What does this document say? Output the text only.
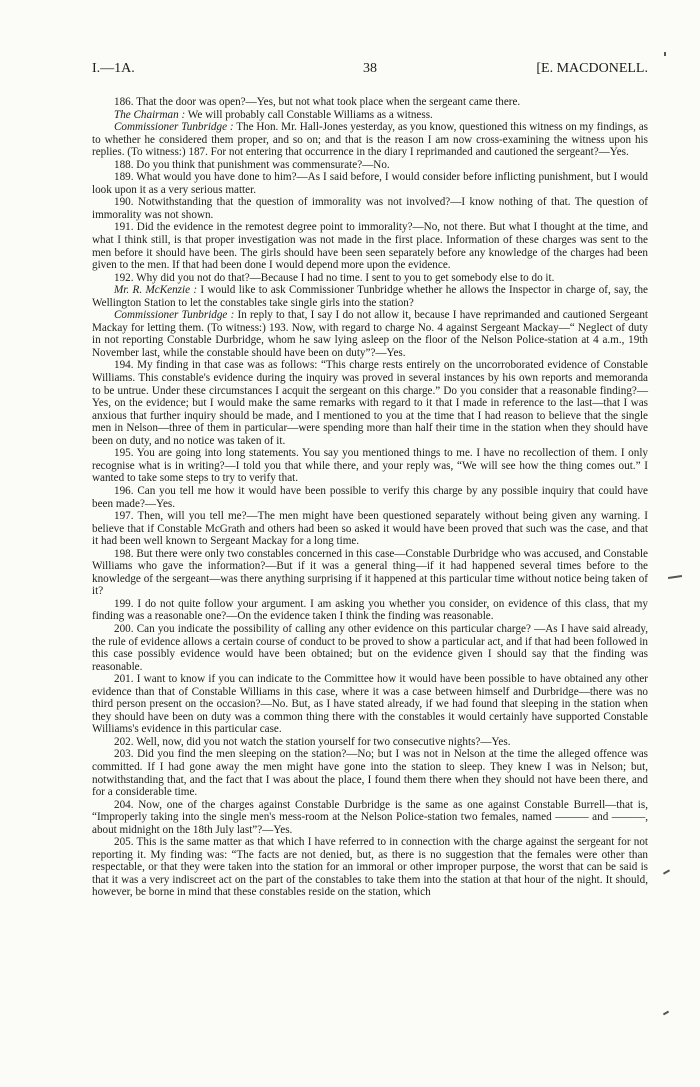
38
I.—1A.	[E. MACDONELL.

186. That the door was open?—Yes, but not what took place when the sergeant came there.

The Chairman : We will probably call Constable Williams as a witness.

Commissioner Tunbridge : The Hon. Mr. Hall-Jones yesterday, as you know, questioned this witness on my findings, as to whether he considered them proper, and so on; and that is the reason I am now cross-examining the witness upon his replies. (To witness:) 187. For not entering that occurrence in the diary I reprimanded and cautioned the sergeant?—Yes.

188. Do you think that punishment was commensurate?—No.

189. What would you have done to him?—As I said before, I would consider before inflicting punishment, but I would look upon it as a very serious matter.

190. Notwithstanding that the question of immorality was not involved?—I know nothing of that. The question of immorality was not shown.

191. Did the evidence in the remotest degree point to immorality?—No, not there. But what I thought at the time, and what I think still, is that proper investigation was not made in the first place. Information of these charges was sent to the men before it should have been. The girls should have been seen separately before any knowledge of the charges had been given to the men. If that had been done I would depend more upon the evidence.

192. Why did you not do that?—Because I had no time. I sent to you to get somebody else to do it.

Mr. R. McKenzie : I would like to ask Commissioner Tunbridge whether he allows the Inspector in charge of, say, the Wellington Station to let the constables take single girls into the station?

Commissioner Tunbridge : In reply to that, I say I do not allow it, because I have reprimanded and cautioned Sergeant Mackay for letting them. (To witness:) 193. Now, with regard to charge No. 4 against Sergeant Mackay—“ Neglect of duty in not reporting Constable Durbridge, whom he saw lying asleep on the floor of the Nelson Police-station at 4 a.m., 19th November last, while the constable should have been on duty”?—Yes.

194. My finding in that case was as follows: “This charge rests entirely on the uncorroborated evidence of Constable Williams. This constable's evidence during the inquiry was proved in several instances by his own reports and memoranda to be untrue. Under these circumstances I acquit the sergeant on this charge.” Do you consider that a reasonable finding?—Yes, on the evidence; but I would make the same remarks with regard to it that I made in reference to the last—that I was anxious that further inquiry should be made, and I mentioned to you at the time that I had reason to believe that the single men in Nelson—three of them in particular—were spending more than half their time in the station when they should have been on duty, and no notice was taken of it.

195. You are going into long statements. You say you mentioned things to me. I have no recollection of them. I only recognise what is in writing?—I told you that while there, and your reply was, “We will see how the thing comes out.” I wanted to take some steps to try to verify that.

196. Can you tell me how it would have been possible to verify this charge by any possible inquiry that could have been made?—Yes.

197. Then, will you tell me?—The men might have been questioned separately without being given any warning. I believe that if Constable McGrath and others had been so asked it would have been proved that such was the case, and that it had been well known to Sergeant Mackay for a long time.

198. But there were only two constables concerned in this case—Constable Durbridge who was accused, and Constable Williams who gave the information?—But if it was a general thing—if it had happened several times before to the knowledge of the sergeant—was there anything surprising if it happened at this particular time without notice being taken of it?

199. I do not quite follow your argument. I am asking you whether you consider, on evidence of this class, that my finding was a reasonable one?—On the evidence taken I think the finding was reasonable.

200. Can you indicate the possibility of calling any other evidence on this particular charge? —As I have said already, the rule of evidence allows a certain course of conduct to be proved to show a particular act, and if that had been followed in this case possibly evidence would have been obtained; but on the evidence given I should say that the finding was reasonable.

201. I want to know if you can indicate to the Committee how it would have been possible to have obtained any other evidence than that of Constable Williams in this case, where it was a case between himself and Durbridge—there was no third person present on the occasion?—No. But, as I have stated already, if we had found that sleeping in the station when they should have been on duty was a common thing there with the constables it would certainly have supported Constable Williams's evidence in this particular case.

202. Well, now, did you not watch the station yourself for two consecutive nights?—Yes.

203. Did you find the men sleeping on the station?—No; but I was not in Nelson at the time the alleged offence was committed. If I had gone away the men might have gone into the station to sleep. They knew I was in Nelson; but, notwithstanding that, and the fact that I was about the place, I found them there when they should not have been there, and for a considerable time.

204. Now, one of the charges against Constable Durbridge is the same as one against Constable Burrell—that is, “Improperly taking into the single men's mess-room at the Nelson Police-station two females, named ——— and ———, about midnight on the 18th July last”?—Yes.

205. This is the same matter as that which I have referred to in connection with the charge against the sergeant for not reporting it. My finding was: “The facts are not denied, but, as there is no suggestion that the females were other than respectable, or that they were taken into the station for an immoral or other improper purpose, the worst that can be said is that it was a very indiscreet act on the part of the constables to take them into the station at that hour of the night. It should, however, be borne in mind that these constables reside on the station, which
